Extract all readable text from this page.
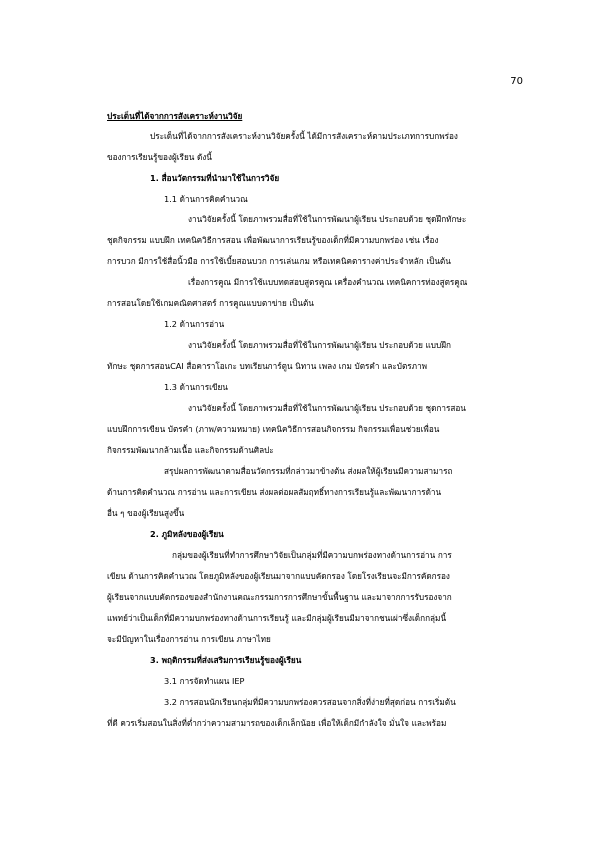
70
ประเด็นที่ได้จากการสังเคราะห์งานวิจัย
ประเด็นที่ได้จากการสังเคราะห์งานวิจัยครั้งนี้ ได้มีการสังเคราะห์ตามประเภทการบกพร่อง
ของการเรียนรู้ของผู้เรียน ดังนี้
1. สื่อนวัตกรรมที่นำมาใช้ในการวิจัย
1.1 ด้านการคิดคำนวณ
งานวิจัยครั้งนี้ โดยภาพรวมสื่อที่ใช้ในการพัฒนาผู้เรียน ประกอบด้วย ชุดฝึกทักษะ
ชุดกิจกรรม แบบฝึก เทคนิควิธีการสอน เพื่อพัฒนาการเรียนรู้ของเด็กที่มีความบกพร่อง เช่น เรื่อง
การบวก มีการใช้สื่อนิ้วมือ การใช้เบี้ยสอนบวก การเล่นเกม หรือเทคนิคตารางค่าประจำหลัก เป็นต้น
เรื่องการคูณ มีการใช้แบบทดสอบสูตรคูณ เครื่องคำนวณ เทคนิคการท่องสูตรคูณ
การสอนโดยใช้เกมคณิตศาสตร์ การคูณแบบตาข่าย เป็นต้น
1.2 ด้านการอ่าน
งานวิจัยครั้งนี้ โดยภาพรวมสื่อที่ใช้ในการพัฒนาผู้เรียน ประกอบด้วย แบบฝึก
ทักษะ ชุดการสอนCAI สื่อคาราโอเกะ บทเรียนการ์ตูน นิทาน เพลง เกม บัตรคำ และบัตรภาพ
1.3 ด้านการเขียน
งานวิจัยครั้งนี้ โดยภาพรวมสื่อที่ใช้ในการพัฒนาผู้เรียน ประกอบด้วย ชุดการสอน
แบบฝึกการเขียน บัตรคำ (ภาพ/ความหมาย) เทคนิควิธีการสอนกิจกรรม กิจกรรมเพื่อนช่วยเพื่อน
กิจกรรมพัฒนากล้ามเนื้อ และกิจกรรมด้านศิลปะ
สรุปผลการพัฒนาตามสื่อนวัตกรรมที่กล่าวมาข้างต้น ส่งผลให้ผู้เรียนมีความสามารถ
ด้านการคิดคำนวณ การอ่าน และการเขียน ส่งผลต่อผลสัมฤทธิ์ทางการเรียนรู้และพัฒนาการด้าน
อื่น ๆ ของผู้เรียนสูงขึ้น
2. ภูมิหลังของผู้เรียน
กลุ่มของผู้เรียนที่ทำการศึกษาวิจัยเป็นกลุ่มที่มีความบกพร่องทางด้านการอ่าน การ
เขียน ด้านการคิดคำนวณ โดยภูมิหลังของผู้เรียนมาจากแบบคัดกรอง โดยโรงเรียนจะมีการคัดกรอง
ผู้เรียนจากแบบคัดกรองของสำนักงานคณะกรรมการการศึกษาขั้นพื้นฐาน และมาจากการรับรองจาก
แพทย์ว่าเป็นเด็กที่มีความบกพร่องทางด้านการเรียนรู้ และมีกลุ่มผู้เรียนมีมาจากชนเผ่าซึ่งเด็กกลุ่มนี้
จะมีปัญหาในเรื่องการอ่าน การเขียน ภาษาไทย
3. พฤติกรรมที่ส่งเสริมการเรียนรู้ของผู้เรียน
3.1 การจัดทำแผน IEP
3.2 การสอนนักเรียนกลุ่มที่มีความบกพร่องควรสอนจากสิ่งที่ง่ายที่สุดก่อน การเริ่มต้น
ที่ดี ควรเริ่มสอนในสิ่งที่ต่ำกว่าความสามารถของเด็กเล็กน้อย เพื่อให้เด็กมีกำลังใจ มั่นใจ และพร้อม
